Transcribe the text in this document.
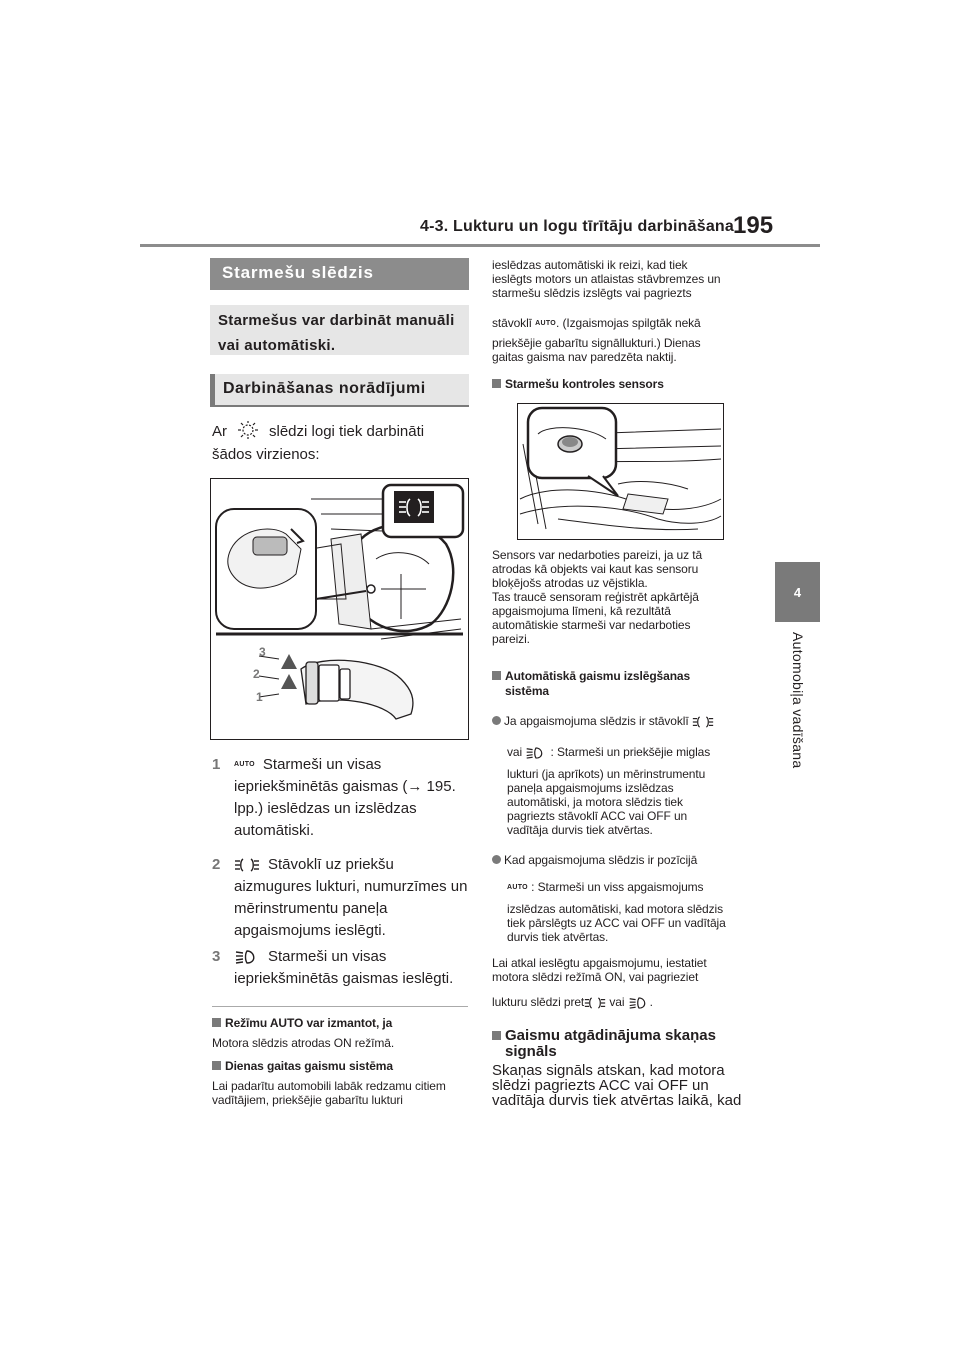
4-3. Lukturu un logu tīrītāju darbināšana
195
4
Automobiļa vadīšana
Starmešu slēdzis
Starmešus var darbināt manuāli vai automātiski.
Darbināšanas norādījumi
Ar	slēdzi logi tiek darbināti
šādos virzienos:
3
2
1
1 AUTO Starmeši un visas
iepriekšminētās gaismas (→ 195.
lpp.) ieslēdzas un izslēdzas
automātiski.
2	Stāvoklī uz priekšu
aizmugures lukturi, numurzīmes un
mērinstrumentu paneļa
apgaismojums ieslēgti.
3	Starmeši un visas
iepriekšminētās gaismas ieslēgti.
Režīmu AUTO var izmantot, ja
Motora slēdzis atrodas ON režīmā.
Dienas gaitas gaismu sistēma
Lai padarītu automobili labāk redzamu citiem
vadītājiem, priekšējie gabarītu lukturi
ieslēdzas automātiski ik reizi, kad tiek
ieslēgts motors un atlaistas stāvbremzes un
starmešu slēdzis izslēgts vai pagriezts
stāvoklī AUTO. (Izgaismojas spilgtāk nekā
priekšējie gabarītu signāllukturi.) Dienas
gaitas gaisma nav paredzēta naktij.
Starmešu kontroles sensors
Sensors var nedarboties pareizi, ja uz tā
atrodas kā objekts vai kaut kas sensoru
bloķējošs atrodas uz vējstikla.
Tas traucē sensoram reģistrēt apkārtējā
apgaismojuma līmeni, kā rezultātā
automātiskie starmeši var nedarboties
pareizi.
Automātiskā gaismu izslēgšanas
sistēma
Ja apgaismojuma slēdzis ir stāvoklī
vai : Starmeši un priekšējie miglas
lukturi (ja aprīkots) un mērinstrumentu
paneļa apgaismojums izslēdzas
automātiski, ja motora slēdzis tiek
pagriezts stāvoklī ACC vai OFF un
vadītāja durvis tiek atvērtas.
Kad apgaismojuma slēdzis ir pozīcijā
AUTO : Starmeši un viss apgaismojums
izslēdzas automātiski, kad motora slēdzis
tiek pārslēgts uz ACC vai OFF un vadītāja
durvis tiek atvērtas.
Lai atkal ieslēgtu apgaismojumu, iestatiet
motora slēdzi režīmā ON, vai pagrieziet
lukturu slēdzi pret vai .
Gaismu atgādinājuma skaņas
signāls
Skaņas signāls atskan, kad motora
slēdzi pagriezts ACC vai OFF un
vadītāja durvis tiek atvērtas laikā, kad
